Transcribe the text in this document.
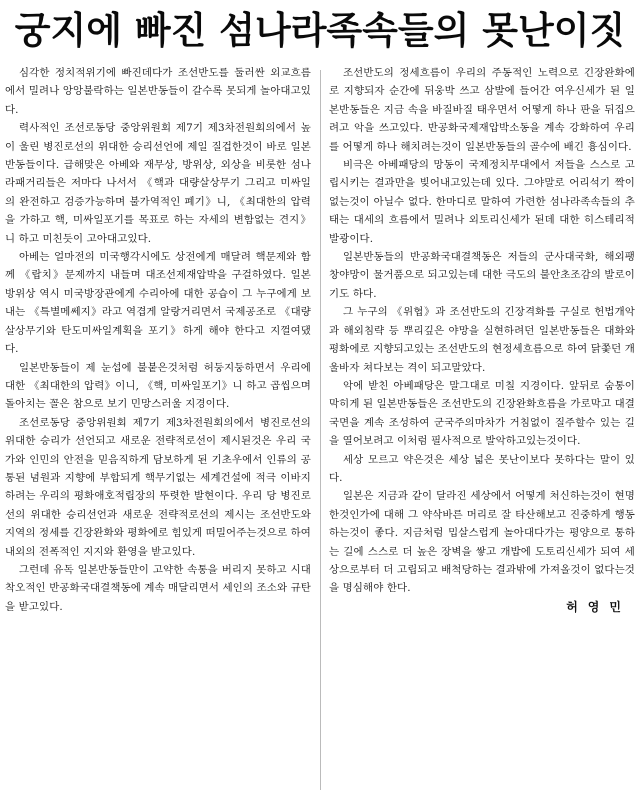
궁지에 빠진 섬나라족속들의 못난이짓

심각한 정치적위기에 빠진데다가 조선반도를 둘러싼 외교흐름에서 밀려나 앙앙불락하는 일본반동들이 갈수록 못되게 놀아대고있다.

력사적인 조선로동당 중앙위원회 제7기 제3차전원회의에서 높이 울린 병진로선의 위대한 승리선언에 제일 질겁한것이 바로 일본반동들이다. 급해맞은 아베와 재무상, 방위상, 외상을 비롯한 섬나라패거리들은 저마다 나서서 《핵과 대량살상무기 그리고 미싸일의 완전하고 검증가능하며 불가역적인 폐기》니, 《최대한의 압력을 가하고 핵, 미싸일포기를 목표로 하는 자세의 변함없는 견지》니 하고 미친듯이 고아대고있다.

아베는 얼마전의 미국행각시에도 상전에게 매달려 핵문제와 함께 《랍치》문제까지 내들며 대조선제재압박을 구걸하였다. 일본방위상 역시 미국방장관에게 수리아에 대한 공습이 그 누구에게 보내는 《특별메쎄지》라고 역겹게 알랑거리면서 국제공조로 《대량살상무기와 탄도미싸일계획을 포기》하게 해야 한다고 지껄여댔다.

일본반동들이 제 눈섭에 불붙은것처럼 허둥지둥하면서 우리에 대한 《최대한의 압력》이니, 《핵, 미싸일포기》니 하고 곱씹으며 돌아치는 꼴은 참으로 보기 민망스러울 지경이다.

조선로동당 중앙위원회 제7기 제3차전원회의에서 병진로선의 위대한 승리가 선언되고 새로운 전략적로선이 제시된것은 우리 국가와 인민의 안전을 믿음직하게 담보하게 된 기초우에서 인류의 공통된 념원과 지향에 부합되게 핵무기없는 세계건설에 적극 이바지하려는 우리의 평화애호적립장의 뚜렷한 발현이다. 우리 당 병진로선의 위대한 승리선언과 새로운 전략적로선의 제시는 조선반도와 지역의 정세를 긴장완화와 평화에로 힘있게 떠밀어주는것으로 하여 내외의 전폭적인 지지와 환영을 받고있다.

그런데 유독 일본반동들만이 고약한 속통을 버리지 못하고 시대착오적인 반공화국대결책동에 계속 매달리면서 세인의 조소와 규탄을 받고있다.

조선반도의 정세흐름이 우리의 주동적인 노력으로 긴장완화에로 지향되자 순간에 뒤웅박 쓰고 삼발에 들어간 여우신세가 된 일본반동들은 지금 속을 바질바질 태우면서 어떻게 하나 판을 뒤집으려고 악을 쓰고있다. 반공화국제재압박소동을 계속 강화하여 우리를 어떻게 하나 해치려는것이 일본반동들의 골수에 배긴 흉심이다.

비극은 아베패당의 망동이 국제정치무대에서 저들을 스스로 고립시키는 결과만을 빚어내고있는데 있다. 그야말로 어리석기 짝이 없는것이 아닐수 없다. 한마디로 말하여 가련한 섬나라족속들의 추태는 대세의 흐름에서 밀려나 외토리신세가 된데 대한 히스테리적발광이다.

일본반동들의 반공화국대결책동은 저들의 군사대국화, 해외팽창야망이 물거품으로 되고있는데 대한 극도의 불안초조감의 발로이기도 하다.

그 누구의 《위협》과 조선반도의 긴장격화를 구실로 헌법개악과 해외침략 등 뿌리깊은 야망을 실현하려던 일본반동들은 대화와 평화에로 지향되고있는 조선반도의 현정세흐름으로 하여 닭쫓던 개 울바자 쳐다보는 격이 되고말았다.

악에 받친 아베패당은 말그대로 미칠 지경이다. 앞뒤로 숨통이 막히게 된 일본반동들은 조선반도의 긴장완화흐름을 가로막고 대결국면을 계속 조성하여 군국주의마차가 거침없이 질주할수 있는 길을 열어보려고 이처럼 필사적으로 발악하고있는것이다.

세상 모르고 약은것은 세상 넓은 못난이보다 못하다는 말이 있다.

일본은 지금과 같이 달라진 세상에서 어떻게 처신하는것이 현명한것인가에 대해 그 약삭바른 머리로 잘 타산해보고 진중하게 행동하는것이 좋다. 지금처럼 밉살스럽게 놀아대다가는 평양으로 통하는 길에 스스로 더 높은 장벽을 쌓고 개밥에 도토리신세가 되여 세상으로부터 더 고립되고 배척당하는 결과밖에 가져올것이 없다는것을 명심해야 한다.

허영민
